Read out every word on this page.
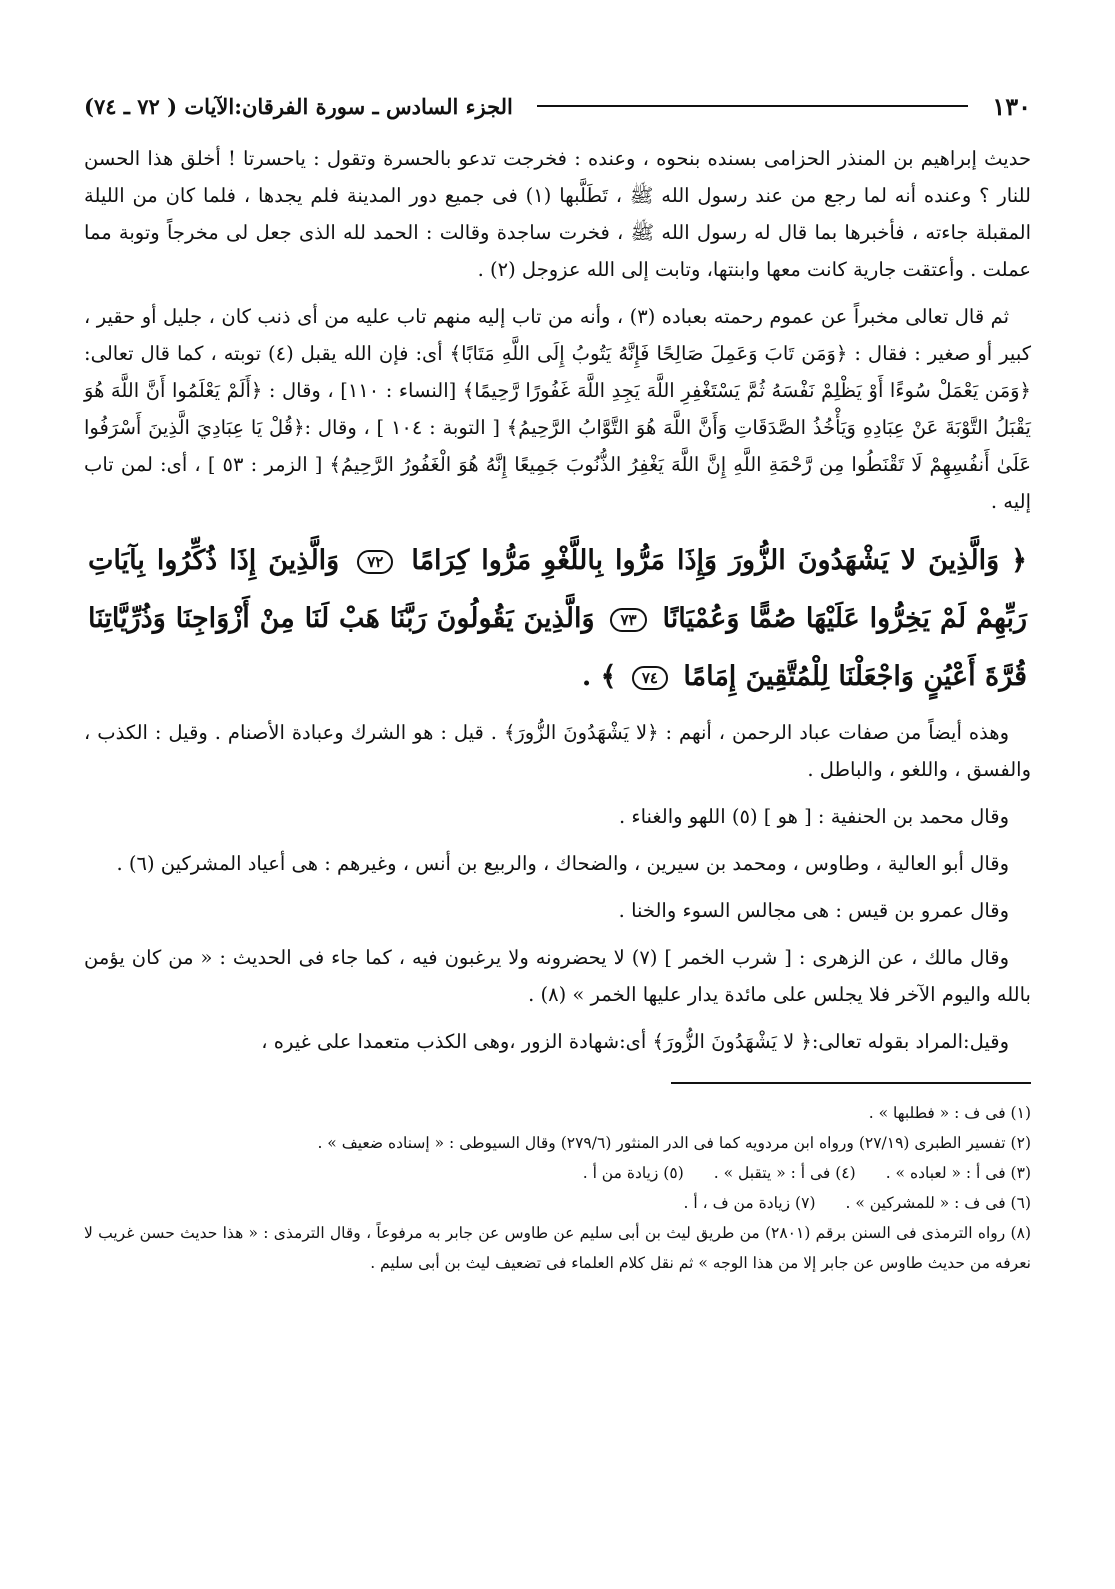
١٣٠
الجزء السادس ـ سورة الفرقان:الآيات ( ٧٢ ـ ٧٤)

حديث إبراهيم بن المنذر الحزامى بسنده بنحوه ، وعنده : فخرجت تدعو بالحسرة وتقول : ياحسرتا ! أخلق هذا الحسن للنار ؟ وعنده أنه لما رجع من عند رسول الله ﷺ ، تَطَلَّبها (١) فى جميع دور المدينة فلم يجدها ، فلما كان من الليلة المقبلة جاءته ، فأخبرها بما قال له رسول الله ﷺ ، فخرت ساجدة وقالت : الحمد لله الذى جعل لى مخرجاً وتوبة مما عملت . وأعتقت جارية كانت معها وابنتها، وتابت إلى الله عزوجل (٢) .

ثم قال تعالى مخبراً عن عموم رحمته بعباده (٣) ، وأنه من تاب إليه منهم تاب عليه من أى ذنب كان ، جليل أو حقير ، كبير أو صغير : فقال : ﴿وَمَن تَابَ وَعَمِلَ صَالِحًا فَإِنَّهُ يَتُوبُ إِلَى اللَّهِ مَتَابًا﴾ أى: فإن الله يقبل (٤) توبته ، كما قال تعالى: ﴿وَمَن يَعْمَلْ سُوءًا أَوْ يَظْلِمْ نَفْسَهُ ثُمَّ يَسْتَغْفِرِ اللَّهَ يَجِدِ اللَّهَ غَفُورًا رَّحِيمًا﴾ [النساء : ١١٠] ، وقال : ﴿أَلَمْ يَعْلَمُوا أَنَّ اللَّهَ هُوَ يَقْبَلُ التَّوْبَةَ عَنْ عِبَادِهِ وَيَأْخُذُ الصَّدَقَاتِ وَأَنَّ اللَّهَ هُوَ التَّوَّابُ الرَّحِيمُ﴾ [ التوبة : ١٠٤ ] ، وقال :﴿قُلْ يَا عِبَادِيَ الَّذِينَ أَسْرَفُوا عَلَىٰ أَنفُسِهِمْ لَا تَقْنَطُوا مِن رَّحْمَةِ اللَّهِ إِنَّ اللَّهَ يَغْفِرُ الذُّنُوبَ جَمِيعًا إِنَّهُ هُوَ الْغَفُورُ الرَّحِيمُ﴾ [ الزمر : ٥٣ ] ، أى: لمن تاب إليه .

﴿ وَالَّذِينَ لا يَشْهَدُونَ الزُّورَ وَإِذَا مَرُّوا بِاللَّغْوِ مَرُّوا كِرَامًا ٧٢ وَالَّذِينَ إِذَا ذُكِّرُوا بِآيَاتِ رَبِّهِمْ لَمْ يَخِرُّوا عَلَيْهَا صُمًّا وَعُمْيَانًا ٧٣ وَالَّذِينَ يَقُولُونَ رَبَّنَا هَبْ لَنَا مِنْ أَزْوَاجِنَا وَذُرِّيَّاتِنَا قُرَّةَ أَعْيُنٍ وَاجْعَلْنَا لِلْمُتَّقِينَ إِمَامًا ٧٤ ﴾ .

وهذه أيضاً من صفات عباد الرحمن ، أنهم : ﴿لا يَشْهَدُونَ الزُّورَ﴾ . قيل : هو الشرك وعبادة الأصنام . وقيل : الكذب ، والفسق ، واللغو ، والباطل .

وقال محمد بن الحنفية : [ هو ] (٥) اللهو والغناء .

وقال أبو العالية ، وطاوس ، ومحمد بن سيرين ، والضحاك ، والربيع بن أنس ، وغيرهم : هى أعياد المشركين (٦) .

وقال عمرو بن قيس : هى مجالس السوء والخنا .

وقال مالك ، عن الزهرى : [ شرب الخمر ] (٧) لا يحضرونه ولا يرغبون فيه ، كما جاء فى الحديث : « من كان يؤمن بالله واليوم الآخر فلا يجلس على مائدة يدار عليها الخمر » (٨) .

وقيل:المراد بقوله تعالى:﴿ لا يَشْهَدُونَ الزُّورَ﴾ أى:شهادة الزور ،وهى الكذب متعمدا على غيره ،

(١) فى ف : « فطلبها » .

(٢) تفسير الطبرى (٢٧/١٩) ورواه ابن مردويه كما فى الدر المنثور (٢٧٩/٦) وقال السيوطى : « إسناده ضعيف » .

(٣) فى أ : « لعباده » .
(٤) فى أ : « يتقبل » .
(٥) زيادة من أ .
(٦) فى ف : « للمشركين » .
(٧) زيادة من ف ، أ .

(٨) رواه الترمذى فى السنن برقم (٢٨٠١) من طريق ليث بن أبى سليم عن طاوس عن جابر به مرفوعاً ، وقال الترمذى : « هذا حديث حسن غريب لا نعرفه من حديث طاوس عن جابر إلا من هذا الوجه » ثم نقل كلام العلماء فى تضعيف ليث بن أبى سليم .
